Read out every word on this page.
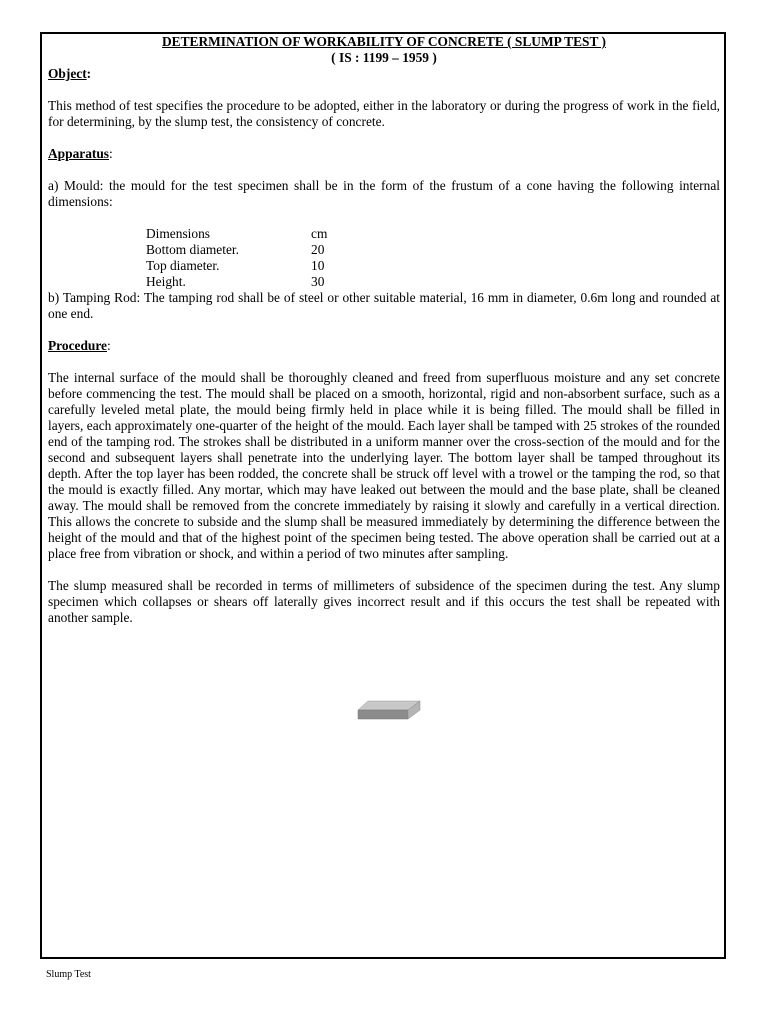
DETERMINATION OF WORKABILITY OF CONCRETE ( SLUMP TEST )

( IS : 1199 – 1959 )

Object:

This method of test specifies the procedure to be adopted, either in the laboratory or during the progress of work in the field, for determining, by the slump test, the consistency of concrete.

Apparatus:

a) Mould: the mould for the test specimen shall be in the form of the frustum of a cone having the following internal dimensions:

Dimensions	cm
Bottom diameter.	20
Top diameter.	10
Height.	30

b) Tamping Rod: The tamping rod shall be of steel or other suitable material, 16 mm in diameter, 0.6m long and rounded at one end.

Procedure:

The internal surface of the mould shall be thoroughly cleaned and freed from superfluous moisture and any set concrete before commencing the test. The mould shall be placed on a smooth, horizontal, rigid and non-absorbent surface, such as a carefully leveled metal plate, the mould being firmly held in place while it is being filled. The mould shall be filled in          layers, each approximately one-quarter of the height of the mould. Each layer shall be tamped with 25 strokes of the rounded end of the tamping rod. The strokes shall be distributed in a uniform manner over the cross-section of the mould and for the second and subsequent layers shall penetrate into the underlying layer. The bottom layer shall be tamped throughout its depth. After the top layer has been rodded, the concrete shall be struck off level with a trowel or the tamping the rod, so that the mould is exactly filled. Any mortar, which may have leaked out between the mould and the base plate, shall be cleaned away. The mould shall be removed from the concrete immediately by raising it slowly and carefully in a vertical direction. This allows the concrete to subside and the slump shall be measured immediately by determining the difference between the height of the mould and that of the highest point of the specimen being tested. The above operation shall be carried out at a place free from vibration or shock, and within a period of two minutes after sampling.

The slump measured shall be recorded in terms of millimeters of subsidence of the specimen during the test. Any slump specimen which collapses or shears off laterally gives incorrect result and if this occurs the test shall be repeated with another sample.

Slump Test
